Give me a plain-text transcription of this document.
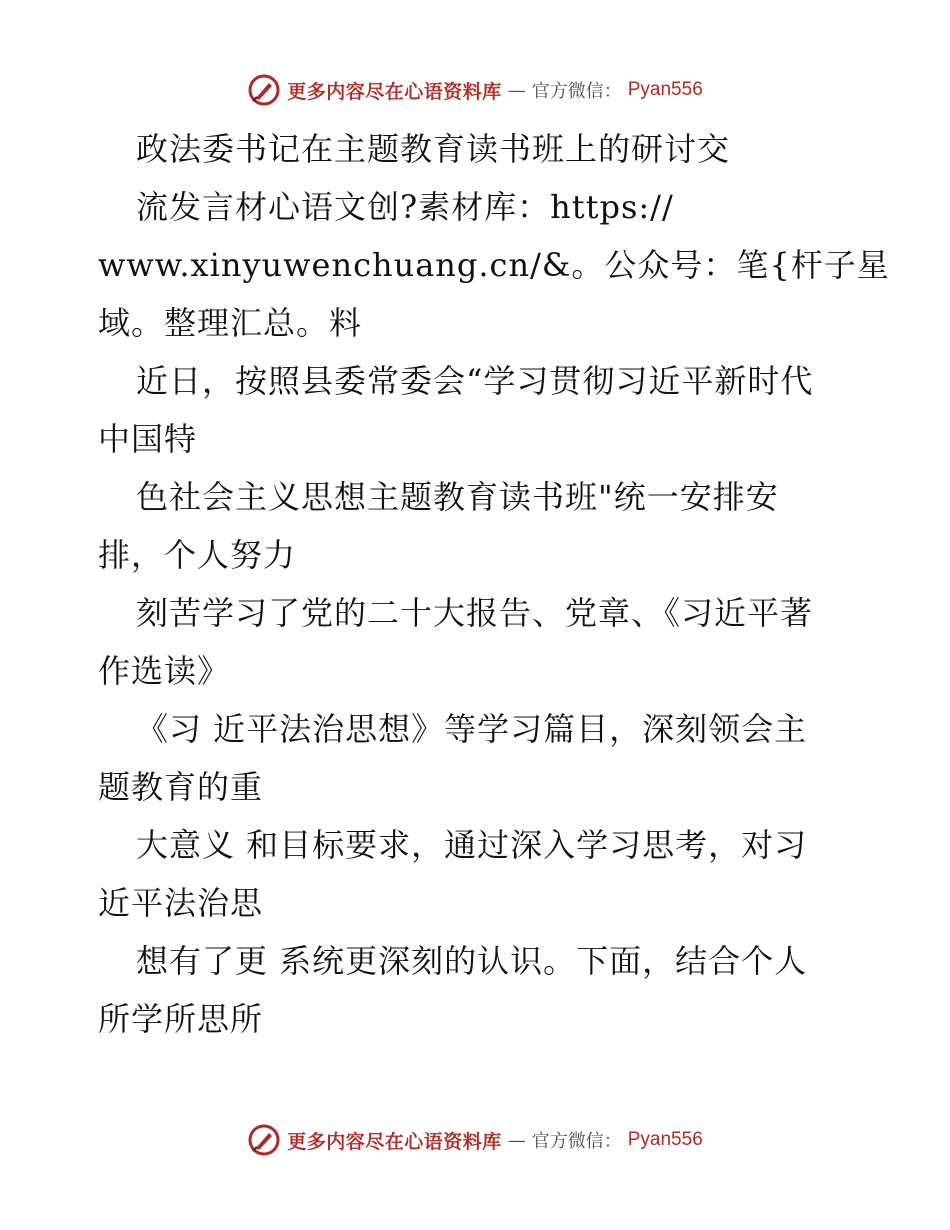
更多内容尽在心语资料库 — 官方微信： Pyan556
政法委书记在主题教育读书班上的研讨交
流发言材心语文创?素材库：https://
www.xinyuwenchuang.cn/&。公众号：笔{杆子星
域。整理汇总。料
近日，按照县委常委会“学习贯彻习近平新时代
中国特
色社会主义思想主题教育读书班"统一安排安
排，个人努力
刻苦学习了党的二十大报告、党章、《习近平著
作选读》
《习 近平法治思想》等学习篇目，深刻领会主
题教育的重
大意义 和目标要求，通过深入学习思考，对习
近平法治思
想有了更 系统更深刻的认识。下面，结合个人
所学所思所
更多内容尽在心语资料库 — 官方微信： Pyan556
